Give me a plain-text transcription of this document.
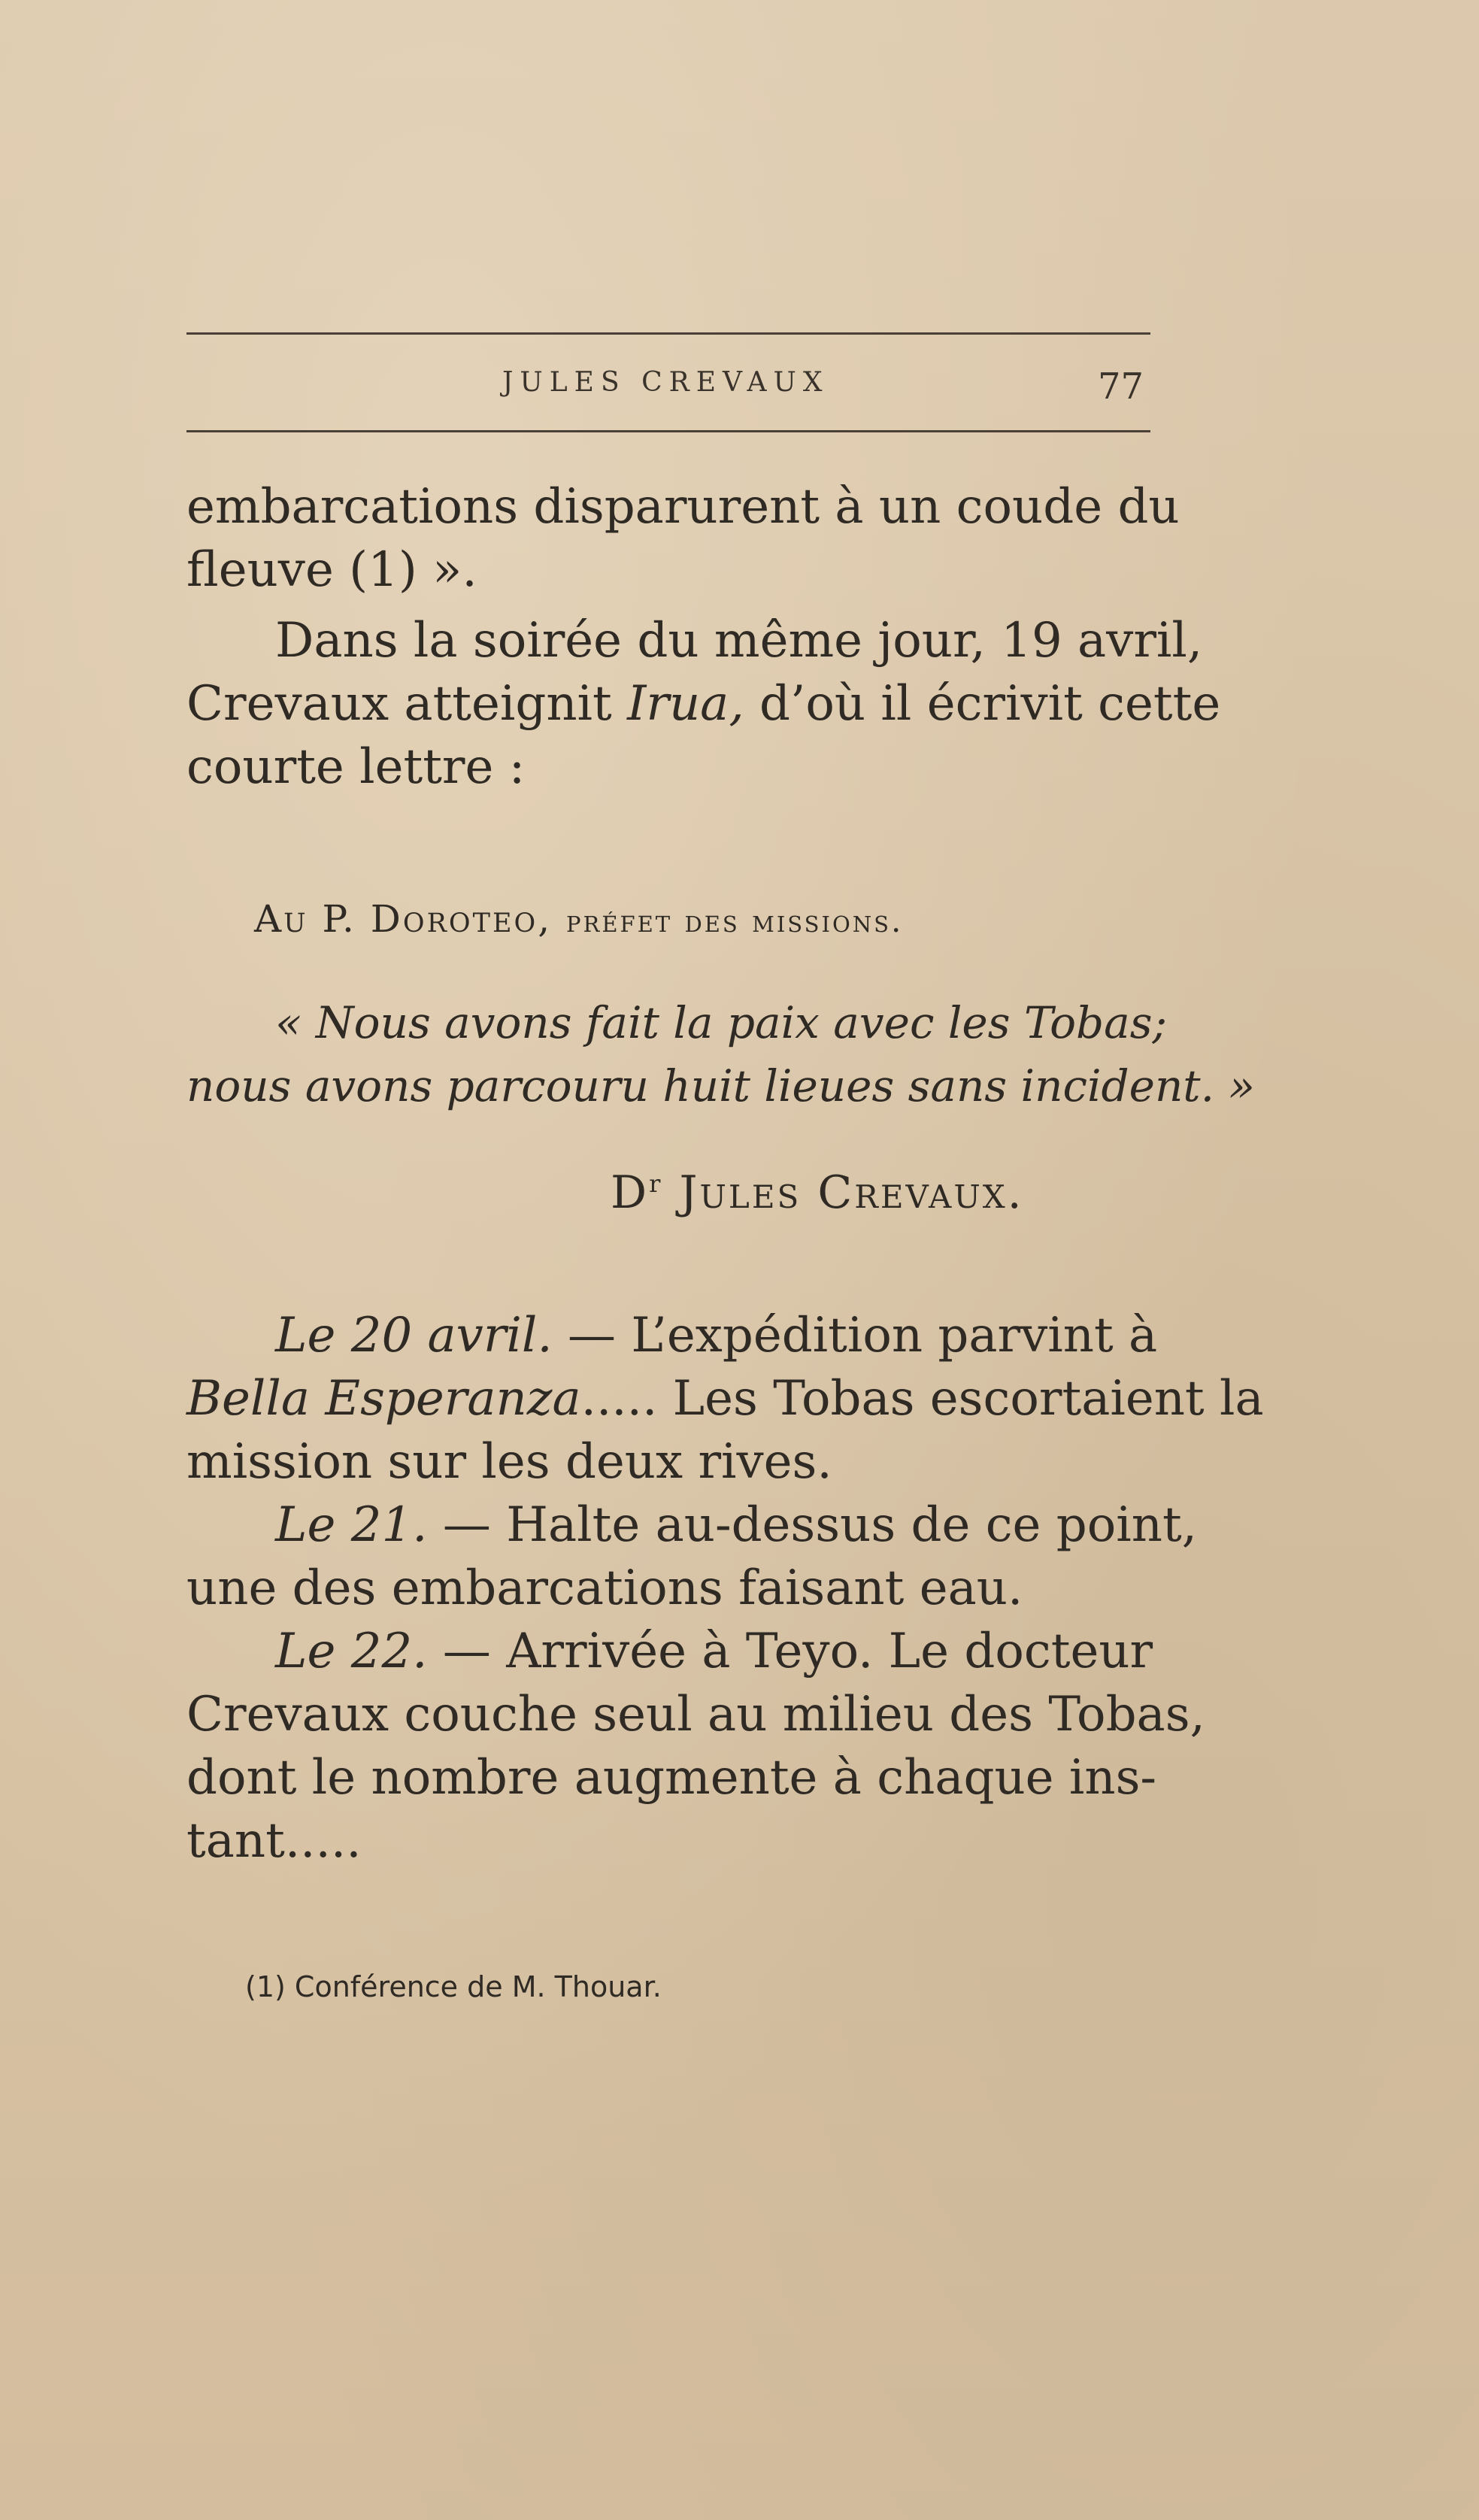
JULES CREVAUX	77
embarcations disparurent à un coude du
fleuve (1) ».
Dans la soirée du même jour, 19 avril,
Crevaux atteignit Irua, d’où il écrivit cette
courte lettre :
Au P. Doroteo, préfet des missions.
« Nous avons fait la paix avec les Tobas;
nous avons parcouru huit lieues sans incident. »
$D^r$ Jules Crevaux.
Le 20 avril. — L’expédition parvint à
Bella Esperanza..... Les Tobas escortaient la
mission sur les deux rives.
Le 21. — Halte au-dessus de ce point,
une des embarcations faisant eau.
Le 22. — Arrivée à Teyo. Le docteur
Crevaux couche seul au milieu des Tobas,
dont le nombre augmente à chaque ins-
tant.....
(1) Conférence de M. Thouar.
